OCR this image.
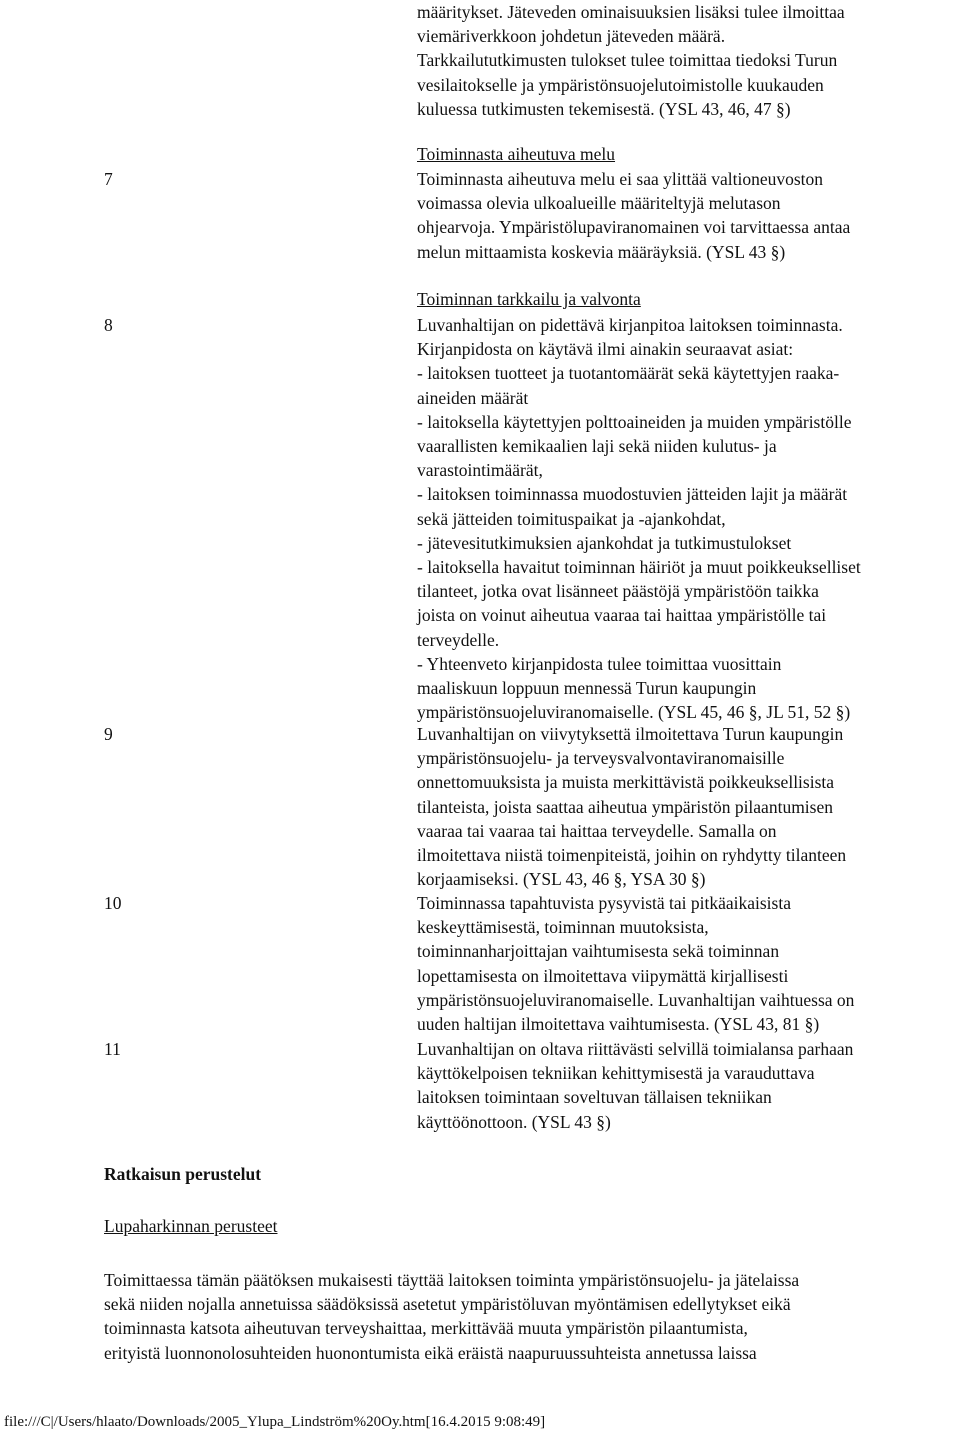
määritykset. Jäteveden ominaisuuksien lisäksi tulee ilmoittaa
viemäriverkkoon johdetun jäteveden määrä.
Tarkkailututkimusten tulokset tulee toimittaa tiedoksi Turun
vesilaitokselle ja ympäristönsuojelutoimistolle kuukauden
kuluessa tutkimusten tekemisestä. (YSL 43, 46, 47 §)
Toiminnasta aiheutuva melu
7	Toiminnasta aiheutuva melu ei saa ylittää valtioneuvoston
voimassa olevia ulkoalueille määriteltyjä melutason
ohjearvoja. Ympäristölupaviranomainen voi tarvittaessa antaa
melun mittaamista koskevia määräyksiä. (YSL 43 §)
Toiminnan tarkkailu ja valvonta
8	Luvanhaltijan on pidettävä kirjanpitoa laitoksen toiminnasta.
Kirjanpidosta on käytävä ilmi ainakin seuraavat asiat:
- laitoksen tuotteet ja tuotantomäärät sekä käytettyjen raaka-
aineiden määrät
- laitoksella käytettyjen polttoaineiden ja muiden ympäristölle
vaarallisten kemikaalien laji sekä niiden kulutus- ja
varastointimäärät,
- laitoksen toiminnassa muodostuvien jätteiden lajit ja määrät
sekä jätteiden toimituspaikat ja -ajankohdat,
- jätevesitutkimuksien ajankohdat ja tutkimustulokset
- laitoksella havaitut toiminnan häiriöt ja muut poikkeukselliset
tilanteet, jotka ovat lisänneet päästöjä ympäristöön taikka
joista on voinut aiheutua vaaraa tai haittaa ympäristölle tai
terveydelle.
- Yhteenveto kirjanpidosta tulee toimittaa vuosittain
maaliskuun loppuun mennessä Turun kaupungin
ympäristönsuojeluviranomaiselle. (YSL 45, 46 §, JL 51, 52 §)
9	Luvanhaltijan on viivytyksettä ilmoitettava Turun kaupungin
ympäristönsuojelu- ja terveysvalvontaviranomaisille
onnettomuuksista ja muista merkittävistä poikkeuksellisista
tilanteista, joista saattaa aiheutua ympäristön pilaantumisen
vaaraa tai vaaraa tai haittaa terveydelle. Samalla on
ilmoitettava niistä toimenpiteistä, joihin on ryhdytty tilanteen
korjaamiseksi. (YSL 43, 46 §, YSA 30 §)
10	Toiminnassa tapahtuvista pysyvistä tai pitkäaikaisista
keskeyttämisestä, toiminnan muutoksista,
toiminnanharjoittajan vaihtumisesta sekä toiminnan
lopettamisesta on ilmoitettava viipymättä kirjallisesti
ympäristönsuojeluviranomaiselle. Luvanhaltijan vaihtuessa on
uuden haltijan ilmoitettava vaihtumisesta. (YSL 43, 81 §)
11	Luvanhaltijan on oltava riittävästi selvillä toimialansa parhaan
käyttökelpoisen tekniikan kehittymisestä ja varauduttava
laitoksen toimintaan soveltuvan tällaisen tekniikan
käyttöönottoon. (YSL 43 §)
Ratkaisun perustelut
Lupaharkinnan perusteet
Toimittaessa tämän päätöksen mukaisesti täyttää laitoksen toiminta ympäristönsuojelu- ja jätelaissa
sekä niiden nojalla annetuissa säädöksissä asetetut ympäristöluvan myöntämisen edellytykset eikä
toiminnasta katsota aiheutuvan terveyshaittaa, merkittävää muuta ympäristön pilaantumista,
erityistä luonnonolosuhteiden huonontumista eikä eräistä naapuruussuhteista annetussa laissa
file:///C|/Users/hlaato/Downloads/2005_Ylupa_Lindström%20Oy.htm[16.4.2015 9:08:49]
